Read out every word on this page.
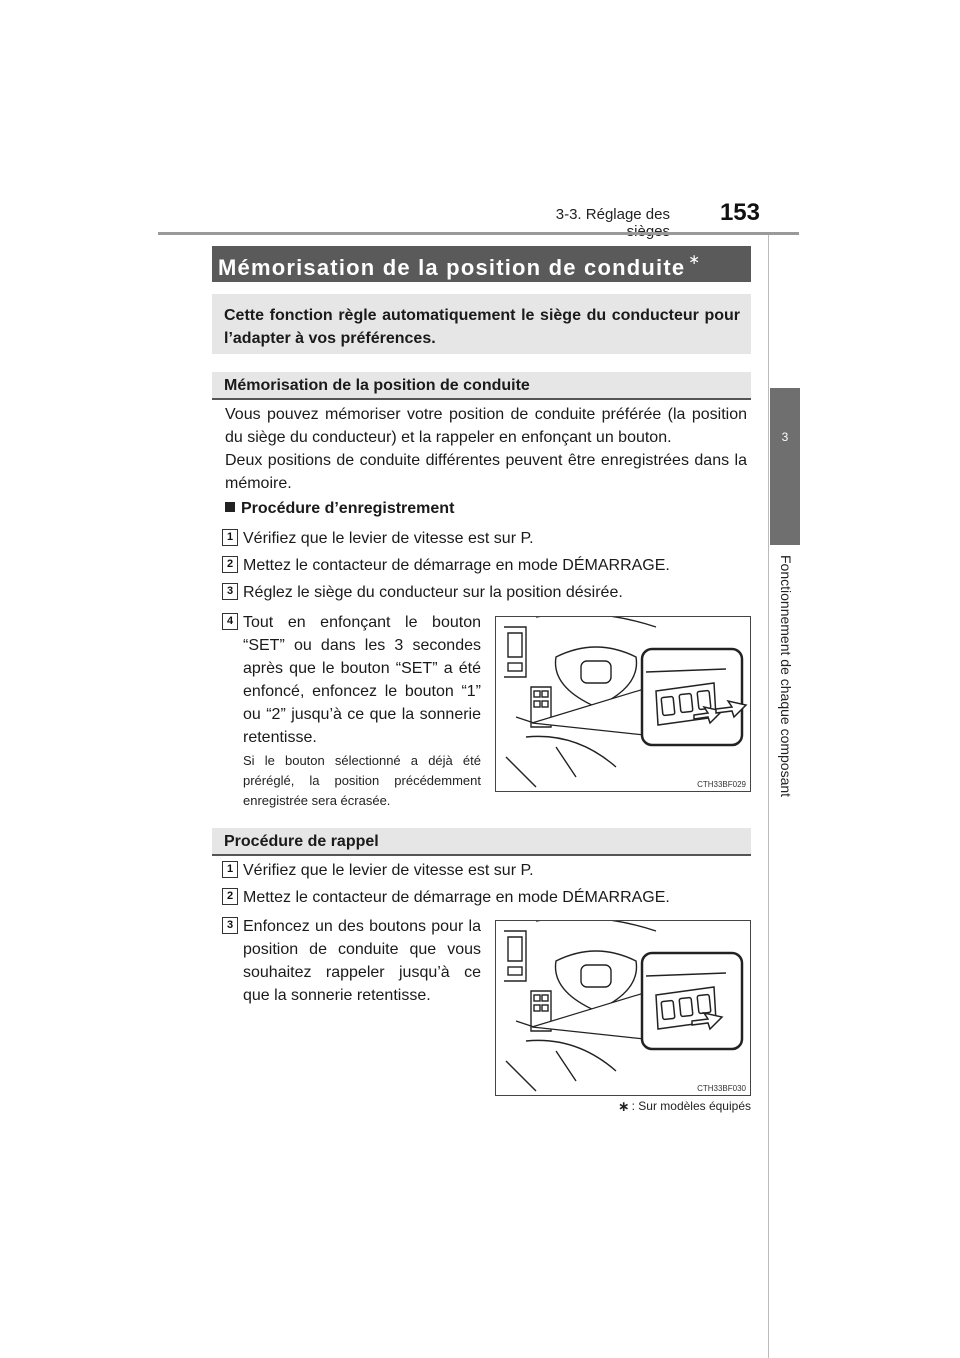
3-3. Réglage des	153
3
Fonctionnement de chaque composant
Mémorisation de la position de conduite ∗
Cette fonction règle automatiquement le siège du conducteur pour l’adapter à vos préférences.
Mémorisation de la position de conduite
Vous pouvez mémoriser votre position de conduite préférée (la position du siège du conducteur) et la rappeler en enfonçant un bouton.
Deux positions de conduite différentes peuvent être enregistrées dans la mémoire.
Procédure d’enregistrement
1 Vérifiez que le levier de vitesse est sur P.
2 Mettez le contacteur de démarrage en mode DÉMARRAGE.
3 Réglez le siège du conducteur sur la position désirée.
4 Tout en enfonçant le bouton “SET” ou dans les 3 secondes après que le bouton “SET” a été enfoncé, enfoncez le bouton “1” ou “2” jusqu’à ce que la sonnerie retentisse.
Si le bouton sélectionné a déjà été préréglé, la position précédemment enregistrée sera écrasée.
CTH33BF029
Procédure de rappel
1 Vérifiez que le levier de vitesse est sur P.
2 Mettez le contacteur de démarrage en mode DÉMARRAGE.
3 Enfoncez un des boutons pour la position de conduite que vous souhaitez rappeler jusqu’à ce que la sonnerie retentisse.
CTH33BF030
∗ : Sur modèles équipés
